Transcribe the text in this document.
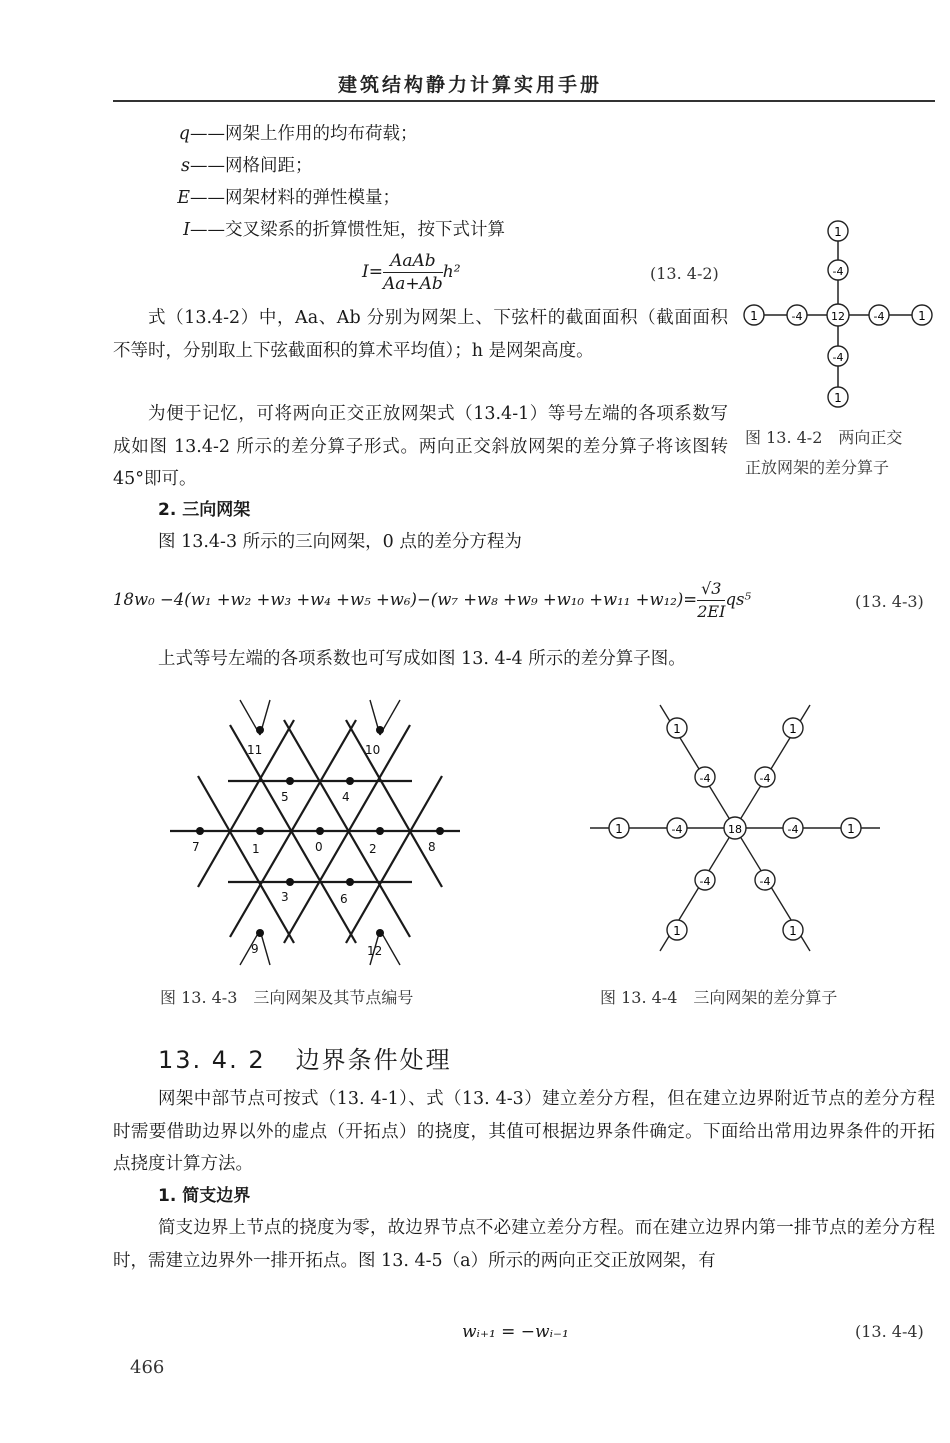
建筑结构静力计算实用手册
q——网架上作用的均布荷载；
s——网格间距；
E——网架材料的弹性模量；
I——交叉梁系的折算惯性矩，按下式计算
$I= \frac{\text{AaAb}}{Aa+Ab} h^2$	(13. 4-2)
式（13.4-2）中，Aa、Ab 分别为网架上、下弦杆的截面面积（截面面积不等时，分别取上下弦截面积的算术平均值）；h 是网架高度。
为便于记忆，可将两向正交正放网架式（13.4-1）等号左端的各项系数写成如图 13.4-2 所示的差分算子形式。两向正交斜放网架的差分算子将该图转 45°即可。
1
-4
12
-4
1
1	-4	-4	1
图 13. 4-2　两向正交
正放网架的差分算子
2. 三向网架
图 13.4-3 所示的三向网架，0 点的差分方程为
$18w_0 -4(w_1 +w_2 +w_3 +w_4 +w_5 +w_6)-(w_7 +w_8 +w_9 +w_{10} +w_{11} +w_{12})= \frac{√3}{2EI} qs^5$	(13. 4-3)
上式等号左端的各项系数也可写成如图 13. 4-4 所示的差分算子图。
0
1	2
3
4
5
6
7	8
9
10
11
12
图 13. 4-3　三向网架及其节点编号
18
-4
1	-4	1
-4
1
-4
1
-4
1
-4
1
图 13. 4-4　三向网架的差分算子
13. 4. 2 边界条件处理
网架中部节点可按式（13. 4-1）、式（13. 4-3）建立差分方程，但在建立边界附近节点的差分方程时需要借助边界以外的虚点（开拓点）的挠度，其值可根据边界条件确定。下面给出常用边界条件的开拓点挠度计算方法。
1. 简支边界
简支边界上节点的挠度为零，故边界节点不必建立差分方程。而在建立边界内第一排节点的差分方程时，需建立边界外一排开拓点。图 13. 4-5（a）所示的两向正交正放网架，有
wᵢ₊₁ = −wᵢ₋₁	(13. 4-4)
466
